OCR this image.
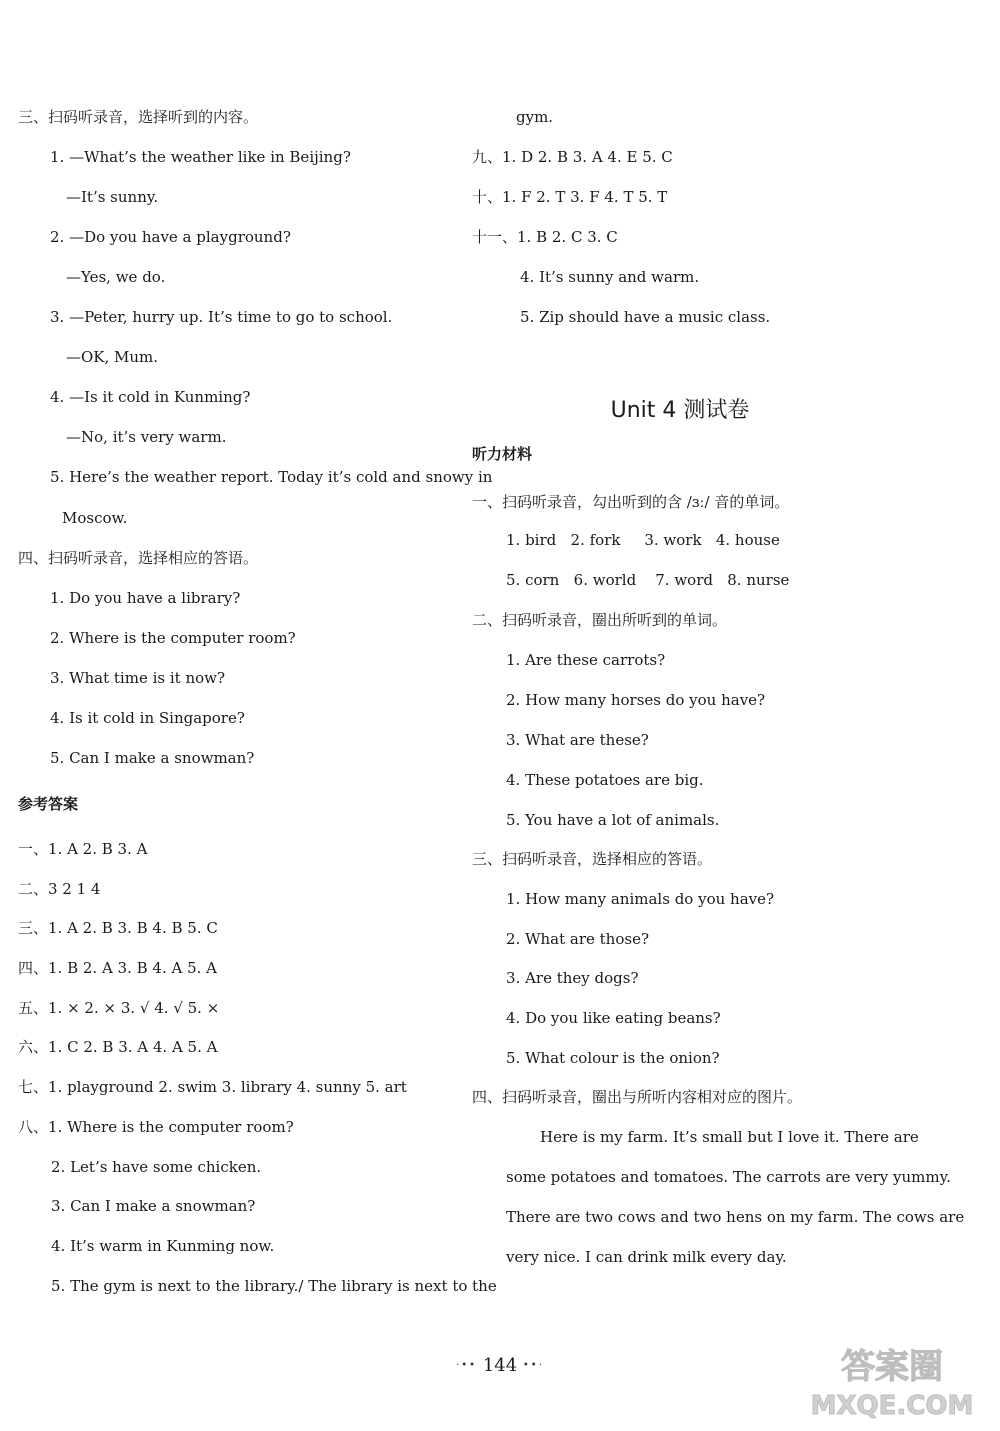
三、扫码听录音，选择听到的内容。
1. —What’s the weather like in Beijing?
—It’s sunny.
2. —Do you have a playground?
—Yes, we do.
3. —Peter, hurry up. It’s time to go to school.
—OK, Mum.
4. —Is it cold in Kunming?
—No, it’s very warm.
5. Here’s the weather report. Today it’s cold and snowy in
Moscow.
四、扫码听录音，选择相应的答语。
1. Do you have a library?
2. Where is the computer room?
3. What time is it now?
4. Is it cold in Singapore?
5. Can I make a snowman?
参考答案
一、1. A 2. B 3. A
二、3 2 1 4
三、1. A 2. B 3. B 4. B 5. C
四、1. B 2. A 3. B 4. A 5. A
五、1. × 2. × 3. √ 4. √ 5. ×
六、1. C 2. B 3. A 4. A 5. A
七、1. playground 2. swim 3. library 4. sunny 5. art
八、1. Where is the computer room?
2. Let’s have some chicken.
3. Can I make a snowman?
4. It’s warm in Kunming now.
5. The gym is next to the library./ The library is next to the
gym.
九、1. D 2. B 3. A 4. E 5. C
十、1. F 2. T 3. F 4. T 5. T
十一、1. B 2. C 3. C
4. It’s sunny and warm.
5. Zip should have a music class.
Unit 4 测试卷
听力材料
一、扫码听录音，勾出听到的含 /ɜː/ 音的单词。
1. bird   2. fork     3. work   4. house
5. corn   6. world    7. word   8. nurse
二、扫码听录音，圈出所听到的单词。
1. Are these carrots?
2. How many horses do you have?
3. What are these?
4. These potatoes are big.
5. You have a lot of animals.
三、扫码听录音，选择相应的答语。
1. How many animals do you have?
2. What are those?
3. Are they dogs?
4. Do you like eating beans?
5. What colour is the onion?
四、扫码听录音，圈出与所听内容相对应的图片。
Here is my farm. It’s small but I love it. There are
some potatoes and tomatoes. The carrots are very yummy.
There are two cows and two hens on my farm. The cows are
very nice. I can drink milk every day.
·•• 144 ••·	答案圈
MXQE.COM
